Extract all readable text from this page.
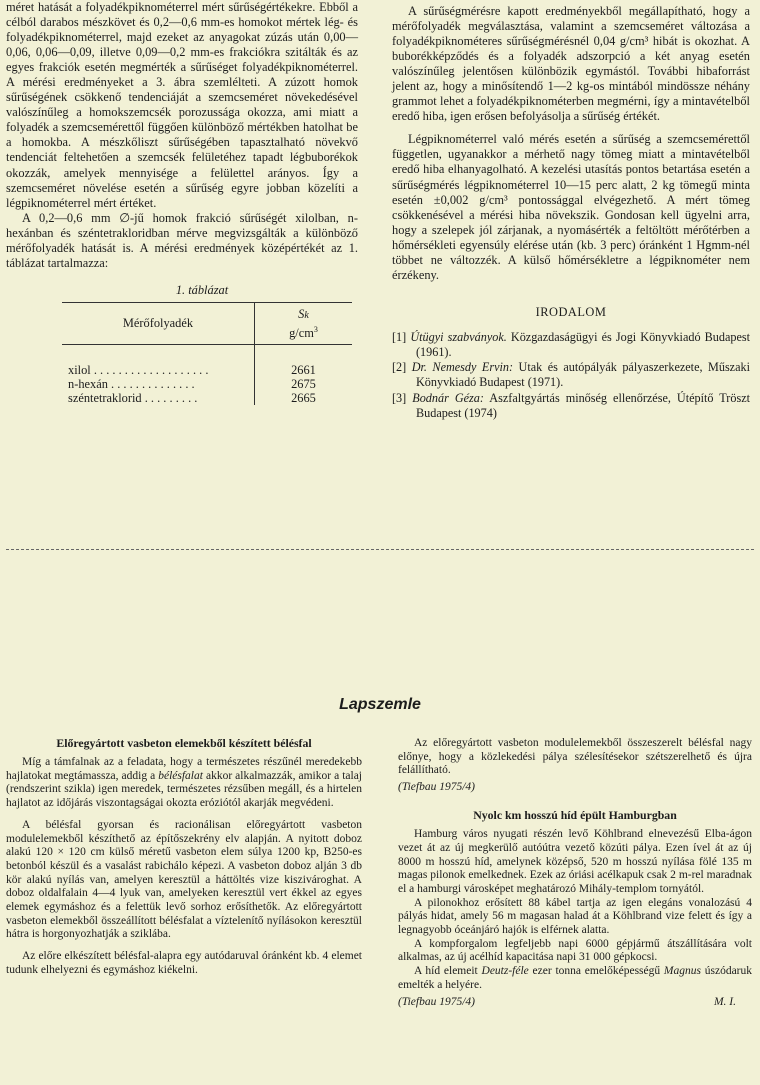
méret hatását a folyadékpiknométerrel mért sűrűségértékekre. Ebből a célból darabos mészkövet és 0,2—0,6 mm-es homokot mértek lég- és folyadékpiknométerrel, majd ezeket az anyagokat zúzás után 0,00—0,06, 0,06—0,09, illetve 0,09—0,2 mm-es frakciókra szitálták és az egyes frakciók esetén megmérték a sűrűséget folyadékpiknométerrel. A mérési eredményeket a 3. ábra szemlélteti. A zúzott homok sűrűségének csökkenő tendenciáját a szemcseméret növekedésével valószínűleg a homokszemcsék porozussága okozza, ami miatt a folyadék a szemcsemérettől függően különböző mértékben hatolhat be a homokba. A mészkőliszt sűrűségében tapasztalható növekvő tendenciát feltehetően a szemcsék felületéhez tapadt légbuborékok okozzák, amelyek mennyisége a felülettel arányos. Így a szemcseméret növelése esetén a sűrűség egyre jobban közelíti a légpiknométerrel mért értéket.

A 0,2—0,6 mm ∅-jű homok frakció sűrűségét xilolban, n-hexánban és széntetrakloridban mérve megvizsgálták a különböző mérőfolyadék hatását is. A mérési eredmények középértékét az 1. táblázat tartalmazza:

1. táblázat
Mérőfolyadék	Sk
$g/cm^3$
xilol . . . . . . . . . . . . . . . . . . .	2661
n-hexán . . . . . . . . . . . . . .	2675
széntetraklorid . . . . . . . . .	2665

A sűrűségmérésre kapott eredményekből megállapítható, hogy a mérőfolyadék megválasztása, valamint a szemcseméret változása a folyadékpiknométeres sűrűségmérésnél 0,04 g/cm³ hibát is okozhat. A buborékképződés és a folyadék adszorpció a két anyag esetén valószínűleg jelentősen különbözik egymástól. További hibaforrást jelent az, hogy a minősítendő 1—2 kg-os mintából mindössze néhány grammot lehet a folyadékpiknométerben megmérni, így a mintavételből eredő hiba, igen erősen befolyásolja a sűrűség értékét.

Légpiknométerrel való mérés esetén a sűrűség a szemcsemérettől független, ugyanakkor a mérhető nagy tömeg miatt a mintavételből eredő hiba elhanyagolható. A kezelési utasítás pontos betartása esetén a sűrűségmérés légpiknométerrel 10—15 perc alatt, 2 kg tömegű minta esetén ±0,002 g/cm³ pontossággal elvégezhető. A mért tömeg csökkenésével a mérési hiba növekszik. Gondosan kell ügyelni arra, hogy a szelepek jól zárjanak, a nyomásérték a feltöltött mérőtérben a hőmérsékleti egyensúly elérése után (kb. 3 perc) óránként 1 Hgmm-nél többet ne változzék. A külső hőmérsékletre a légpiknométer nem érzékeny.

IRODALOM

[1] Útügyi szabványok. Közgazdaságügyi és Jogi Könyvkiadó Budapest (1961).

[2] Dr. Nemesdy Ervin: Utak és autópályák pályaszerkezete, Műszaki Könyvkiadó Budapest (1971).

[3] Bodnár Géza: Aszfaltgyártás minőség ellenőrzése, Útépítő Tröszt Budapest (1974)

Lapszemle
Előregyártott vasbeton elemekből készített bélésfal

Míg a támfalnak az a feladata, hogy a természetes részűnél meredekebb hajlatokat megtámassza, addig a bélésfalat akkor alkalmazzák, amikor a talaj (rendszerint szikla) igen meredek, természetes rézsűben megáll, és a hirtelen hajlatot az időjárás viszontagságai okozta eróziótól akarják megvédeni.

A bélésfal gyorsan és racionálisan előregyártott vasbeton modulelemekből készíthető az építőszekrény elv alapján. A nyitott doboz alakú 120 × 120 cm külső méretű vasbeton elem súlya 1200 kp, B250-es betonból készül és a vasalást rabichálo képezi. A vasbeton doboz alján 3 db kör alakú nyílás van, amelyen keresztül a háttöltés vize kiszivároghat. A doboz oldalfalain 4—4 lyuk van, amelyeken keresztül vert ékkel az egyes elemek egymáshoz és a felettük levő sorhoz erősíthetők. Az előregyártott vasbeton elemekből összeállított bélésfalat a víztelenítő nyílásokon keresztül hátra is horgonyozhatják a sziklába.

Az előre elkészített bélésfal-alapra egy autódaruval óránként kb. 4 elemet tudunk elhelyezni és egymáshoz kiékelni.

Az előregyártott vasbeton modulelemekből összeszerelt bélésfal nagy előnye, hogy a közlekedési pálya szélesítésekor szétszerelhető és újra felállítható.

(Tiefbau 1975/4)
Nyolc km hosszú híd épült Hamburgban

Hamburg város nyugati részén levő Köhlbrand elnevezésű Elba-ágon vezet át az új megkerülő autóútra vezető közúti pálya. Ezen ível át az új 8000 m hosszú híd, amelynek középső, 520 m hosszú nyílása fölé 135 m magas pilonok emelkednek. Ezek az óriási acélkapuk csak 2 m-rel maradnak el a hamburgi városképet meghatározó Mihály-templom tornyától.

A pilonokhoz erősített 88 kábel tartja az igen elegáns vonalozású 4 pályás hidat, amely 56 m magasan halad át a Köhlbrand vize felett és így a legnagyobb óceánjáró hajók is elférnek alatta.

A kompforgalom legfeljebb napi 6000 gépjármű átszállítására volt alkalmas, az új acélhíd kapacitása napi 31 000 gépkocsi.

A híd elemeit Deutz-féle ezer tonna emelőképességű Magnus úszódaruk emelték a helyére.

(Tiefbau 1975/4)	M. I.
